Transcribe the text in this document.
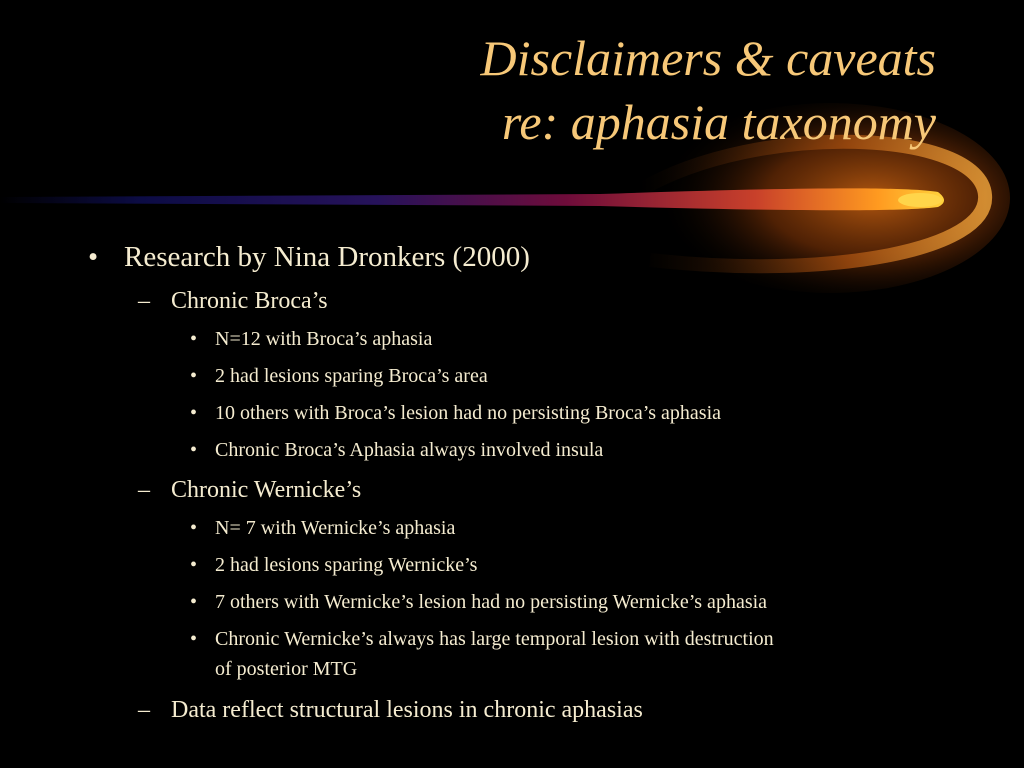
Disclaimers & caveats
re: aphasia taxonomy
• Research by Nina Dronkers (2000)
– Chronic Broca’s
• N=12 with Broca’s aphasia
• 2 had lesions sparing Broca’s area
• 10 others with Broca’s lesion had no persisting Broca’s aphasia
• Chronic Broca’s Aphasia always involved insula
– Chronic Wernicke’s
• N= 7 with Wernicke’s aphasia
• 2 had lesions sparing Wernicke’s
• 7 others with Wernicke’s lesion had no persisting Wernicke’s aphasia
• Chronic Wernicke’s always has large temporal lesion with destruction
of posterior MTG
– Data reflect structural lesions in chronic aphasias
